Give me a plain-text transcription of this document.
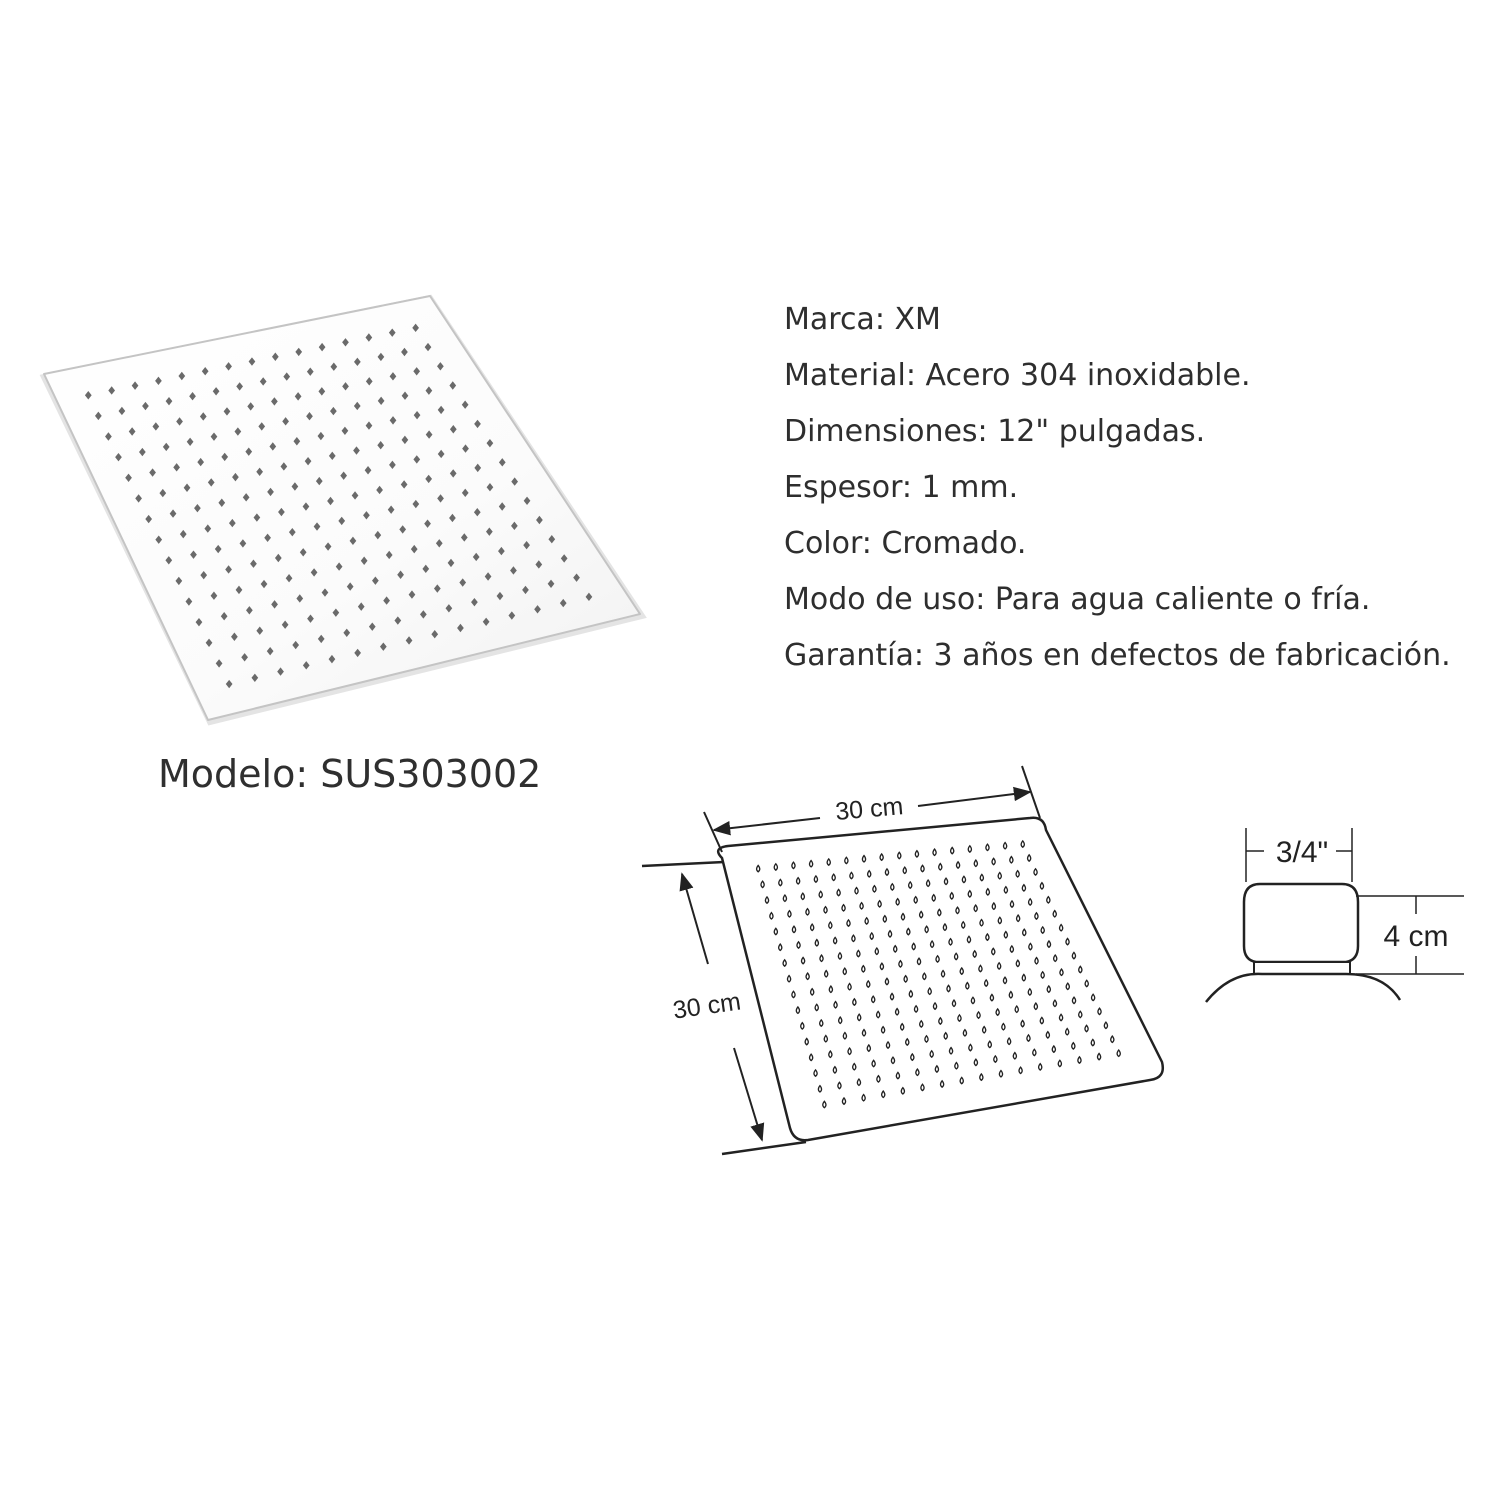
Marca: XM
Material: Acero 304 inoxidable.
Dimensiones: 12" pulgadas.
Espesor: 1 mm.
Color: Cromado.
Modo de uso: Para agua caliente o fría.
Garantía: 3 años en defectos de fabricación.
Modelo: SUS303002
30 cm
30 cm
3/4"
4 cm
